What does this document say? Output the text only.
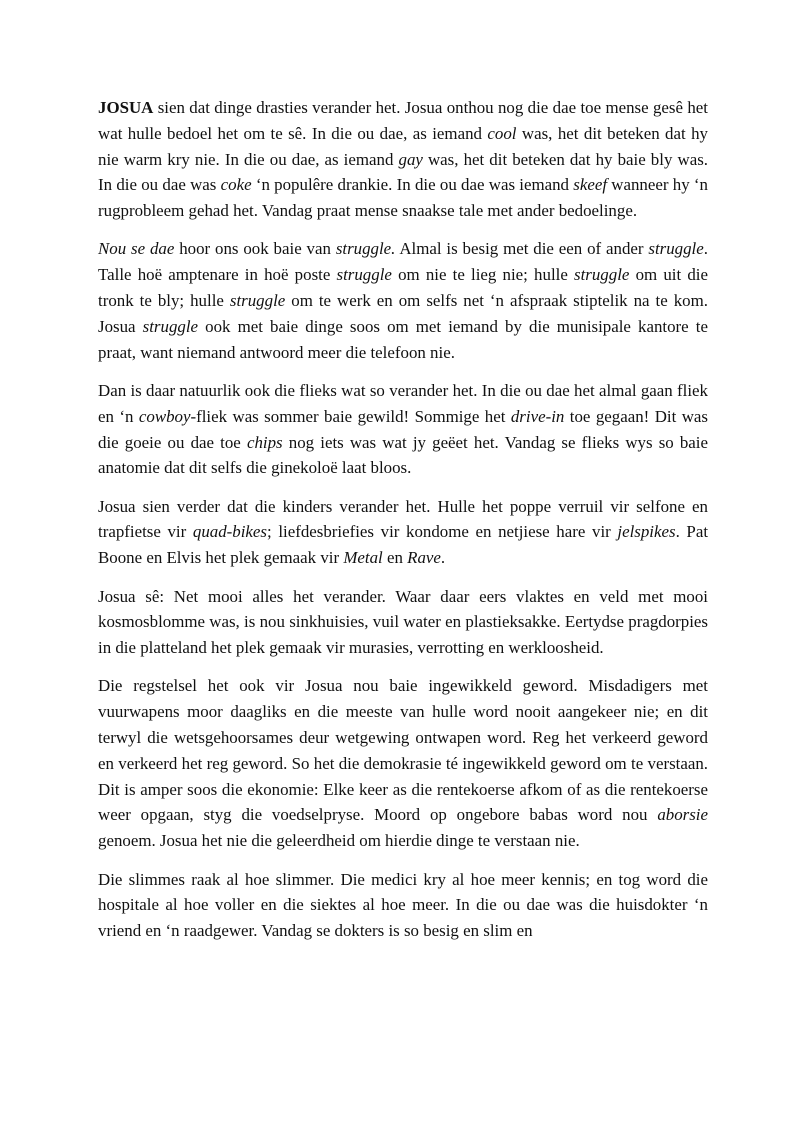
JOSUA sien dat dinge drasties verander het. Josua onthou nog die dae toe mense gesê het wat hulle bedoel het om te sê. In die ou dae, as iemand cool was, het dit beteken dat hy nie warm kry nie. In die ou dae, as iemand gay was, het dit beteken dat hy baie bly was. In die ou dae was coke ‘n populêre drankie. In die ou dae was iemand skeef wanneer hy ‘n rugprobleem gehad het. Vandag praat mense snaakse tale met ander bedoelinge.

Nou se dae hoor ons ook baie van struggle. Almal is besig met die een of ander struggle. Talle hoë amptenare in hoë poste struggle om nie te lieg nie; hulle struggle om uit die tronk te bly; hulle struggle om te werk en om selfs net ‘n afspraak stiptelik na te kom. Josua struggle ook met baie dinge soos om met iemand by die munisipale kantore te praat, want niemand antwoord meer die telefoon nie.

Dan is daar natuurlik ook die flieks wat so verander het. In die ou dae het almal gaan fliek en ‘n cowboy-fliek was sommer baie gewild! Sommige het drive-in toe gegaan! Dit was die goeie ou dae toe chips nog iets was wat jy geëet het. Vandag se flieks wys so baie anatomie dat dit selfs die ginekoloë laat bloos.

Josua sien verder dat die kinders verander het. Hulle het poppe verruil vir selfone en trapfietse vir quad-bikes; liefdesbriefies vir kondome en netjiese hare vir jelspikes. Pat Boone en Elvis het plek gemaak vir Metal en Rave.

Josua sê: Net mooi alles het verander. Waar daar eers vlaktes en veld met mooi kosmosblomme was, is nou sinkhuisies, vuil water en plastieksakke. Eertydse pragdorpies in die platteland het plek gemaak vir murasies, verrotting en werkloosheid.

Die regstelsel het ook vir Josua nou baie ingewikkeld geword. Misdadigers met vuurwapens moor daagliks en die meeste van hulle word nooit aangekeer nie; en dit terwyl die wetsgehoorsames deur wetgewing ontwapen word. Reg het verkeerd geword en verkeerd het reg geword. So het die demokrasie té ingewikkeld geword om te verstaan. Dit is amper soos die ekonomie: Elke keer as die rentekoerse afkom of as die rentekoerse weer opgaan, styg die voedselpryse. Moord op ongebore babas word nou aborsie genoem. Josua het nie die geleerdheid om hierdie dinge te verstaan nie.

Die slimmes raak al hoe slimmer. Die medici kry al hoe meer kennis; en tog word die hospitale al hoe voller en die siektes al hoe meer. In die ou dae was die huisdokter ‘n vriend en ‘n raadgewer. Vandag se dokters is so besig en slim en
